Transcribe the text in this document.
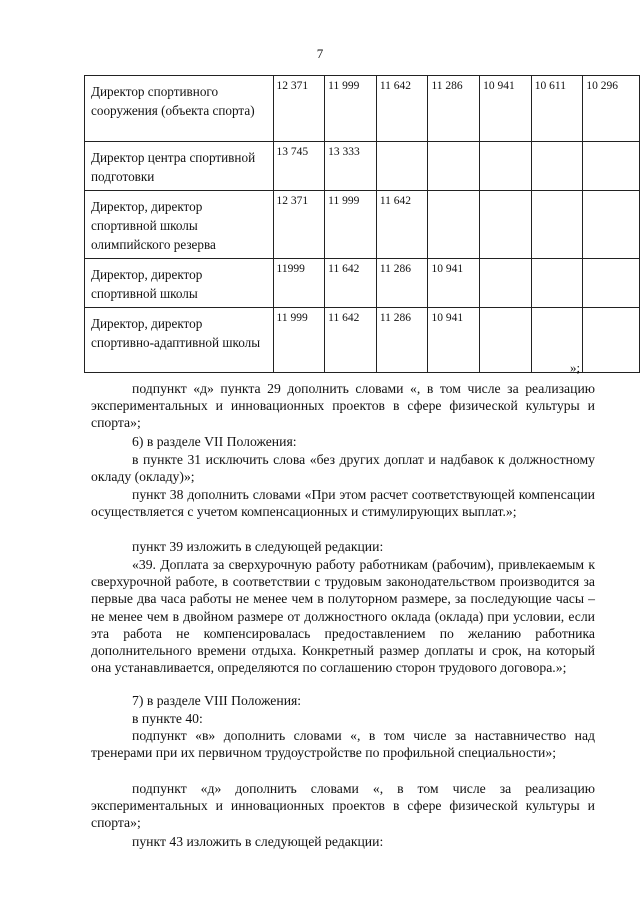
7
Директор спортивного сооружения (объекта спорта)	12 371	11 999	11 642	11 286	10 941	10 611	10 296
Директор центра спортивной подготовки	13 745	13 333					
Директор, директор спортивной школы олимпийского резерва	12 371	11 999	11 642				
Директор, директор спортивной школы	11999	11 642	11 286	10 941			
Директор, директор спортивно-адаптивной школы	11 999	11 642	11 286	10 941			
»;

подпункт «д» пункта 29 дополнить словами «, в том числе за реализацию экспериментальных и инновационных проектов в сфере физической культуры и спорта»;

6) в разделе VII Положения:

в пункте 31 исключить слова «без других доплат и надбавок к должностному окладу (окладу)»;

пункт 38 дополнить словами «При этом расчет соответствующей компенсации осуществляется с учетом компенсационных и стимулирующих выплат.»;

пункт 39 изложить в следующей редакции:

«39. Доплата за сверхурочную работу работникам (рабочим), привлекаемым к сверхурочной работе, в соответствии с трудовым законодательством производится за первые два часа работы не менее чем в полуторном размере, за последующие часы – не менее чем в двойном размере от должностного оклада (оклада) при условии, если эта работа не компенсировалась предоставлением по желанию работника дополнительного времени отдыха. Конкретный размер доплаты и срок, на который она устанавливается, определяются по соглашению сторон трудового договора.»;

7) в разделе VIII Положения:

в пункте 40:

подпункт «в» дополнить словами «, в том числе за наставничество над тренерами при их первичном трудоустройстве по профильной специальности»;

подпункт «д» дополнить словами «, в том числе за реализацию экспериментальных и инновационных проектов в сфере физической культуры и спорта»;

пункт 43 изложить в следующей редакции:
